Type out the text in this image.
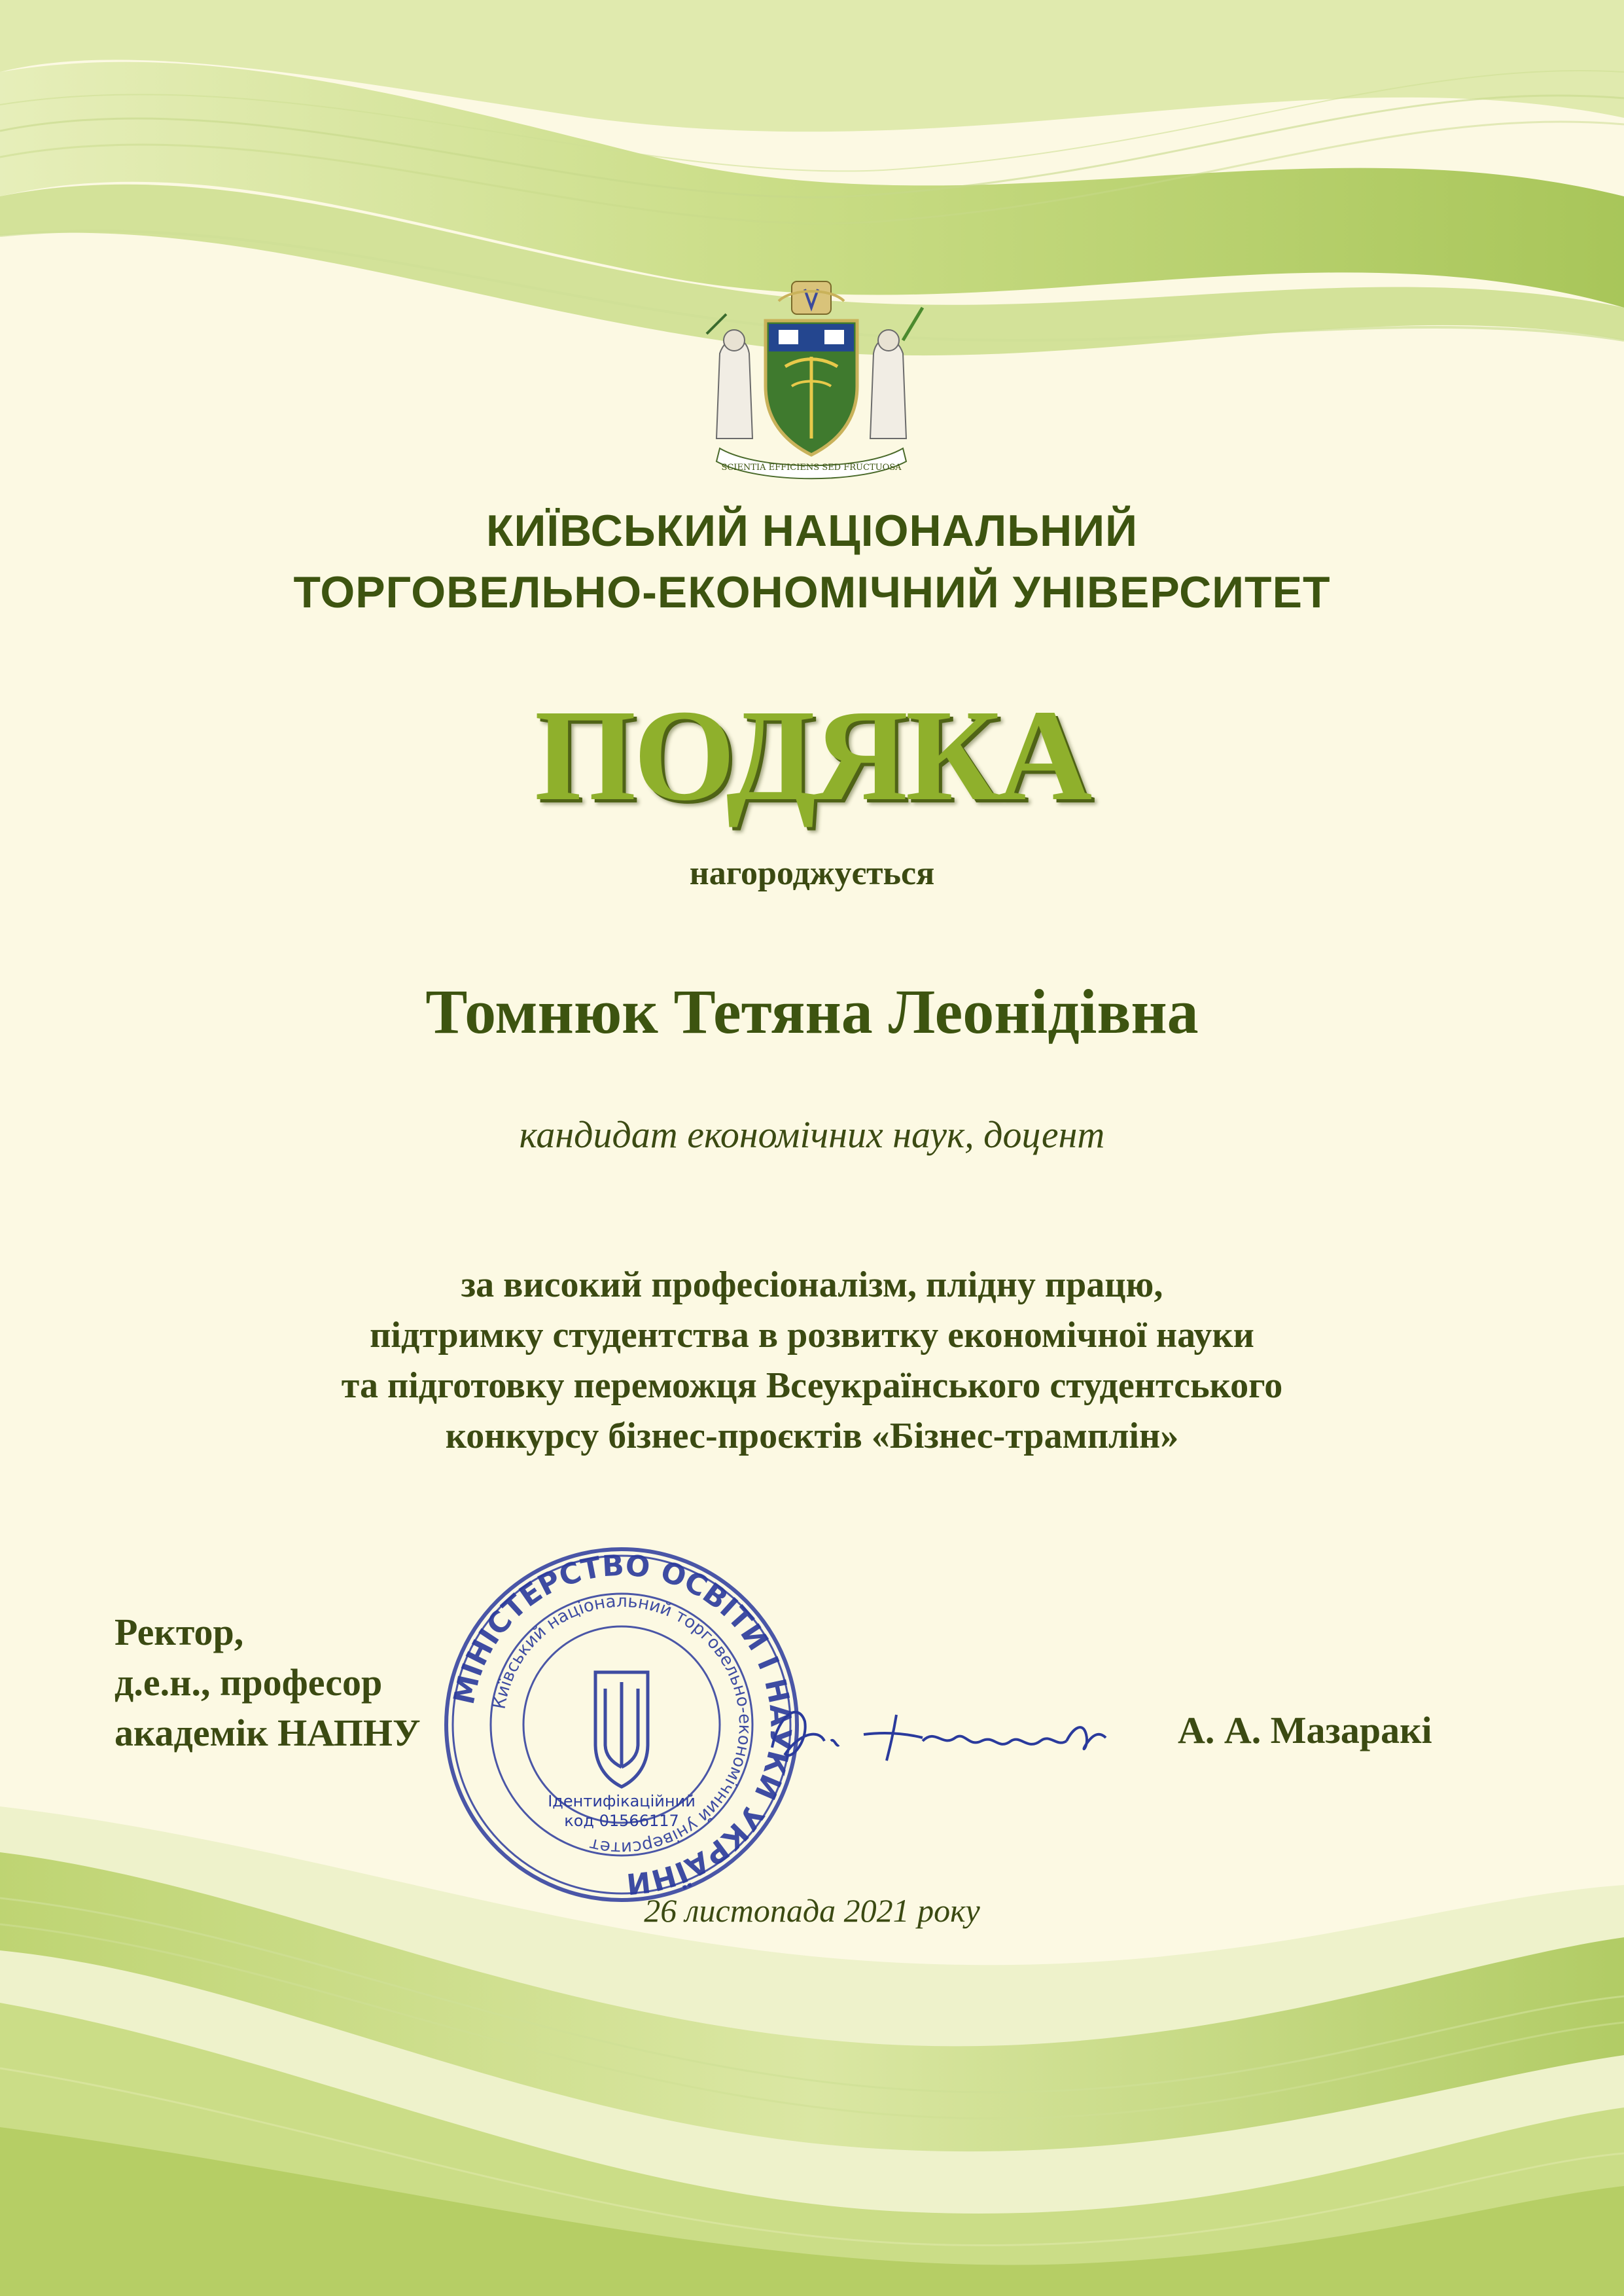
SCIENTIA EFFICIENS SED FRUCTUOSA
КИЇВСЬКИЙ НАЦІОНАЛЬНИЙ
ТОРГОВЕЛЬНО-ЕКОНОМІЧНИЙ УНІВЕРСИТЕТ
ПОДЯКА
нагороджується
Томнюк Тетяна Леонідівна
кандидат економічних наук, доцент
за високий професіоналізм, плідну працю,
підтримку студентства в розвитку економічної науки
та підготовку переможця Всеукраїнського студентського
конкурсу бізнес-проєктів «Бізнес-трамплін»
Ректор,
д.е.н., професор
академік НАПНУ
МІНІСТЕРСТВО ОСВІТИ І НАУКИ УКРАЇНИ
Київський національний торговельно-економічний університет
Ідентифікаційний
код 01566117
А. А. Мазаракі
26 листопада 2021 року
